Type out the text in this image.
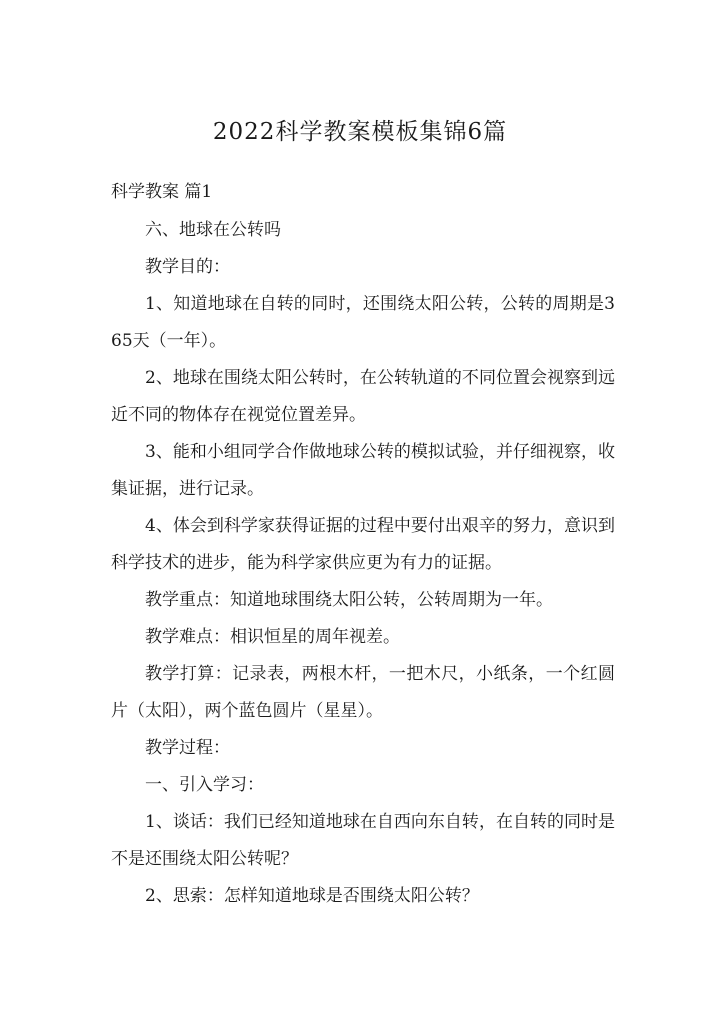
2022科学教案模板集锦6篇
科学教案 篇1

六、地球在公转吗

教学目的：

1、知道地球在自转的同时，还围绕太阳公转，公转的周期是365天（一年）。

2、地球在围绕太阳公转时，在公转轨道的不同位置会视察到远近不同的物体存在视觉位置差异。

3、能和小组同学合作做地球公转的模拟试验，并仔细视察，收集证据，进行记录。

4、体会到科学家获得证据的过程中要付出艰辛的努力，意识到科学技术的进步，能为科学家供应更为有力的证据。

教学重点：知道地球围绕太阳公转，公转周期为一年。

教学难点：相识恒星的周年视差。

教学打算：记录表，两根木杆，一把木尺，小纸条，一个红圆片（太阳），两个蓝色圆片（星星）。

教学过程：

一、引入学习：

1、谈话：我们已经知道地球在自西向东自转，在自转的同时是不是还围绕太阳公转呢？

2、思索：怎样知道地球是否围绕太阳公转？
